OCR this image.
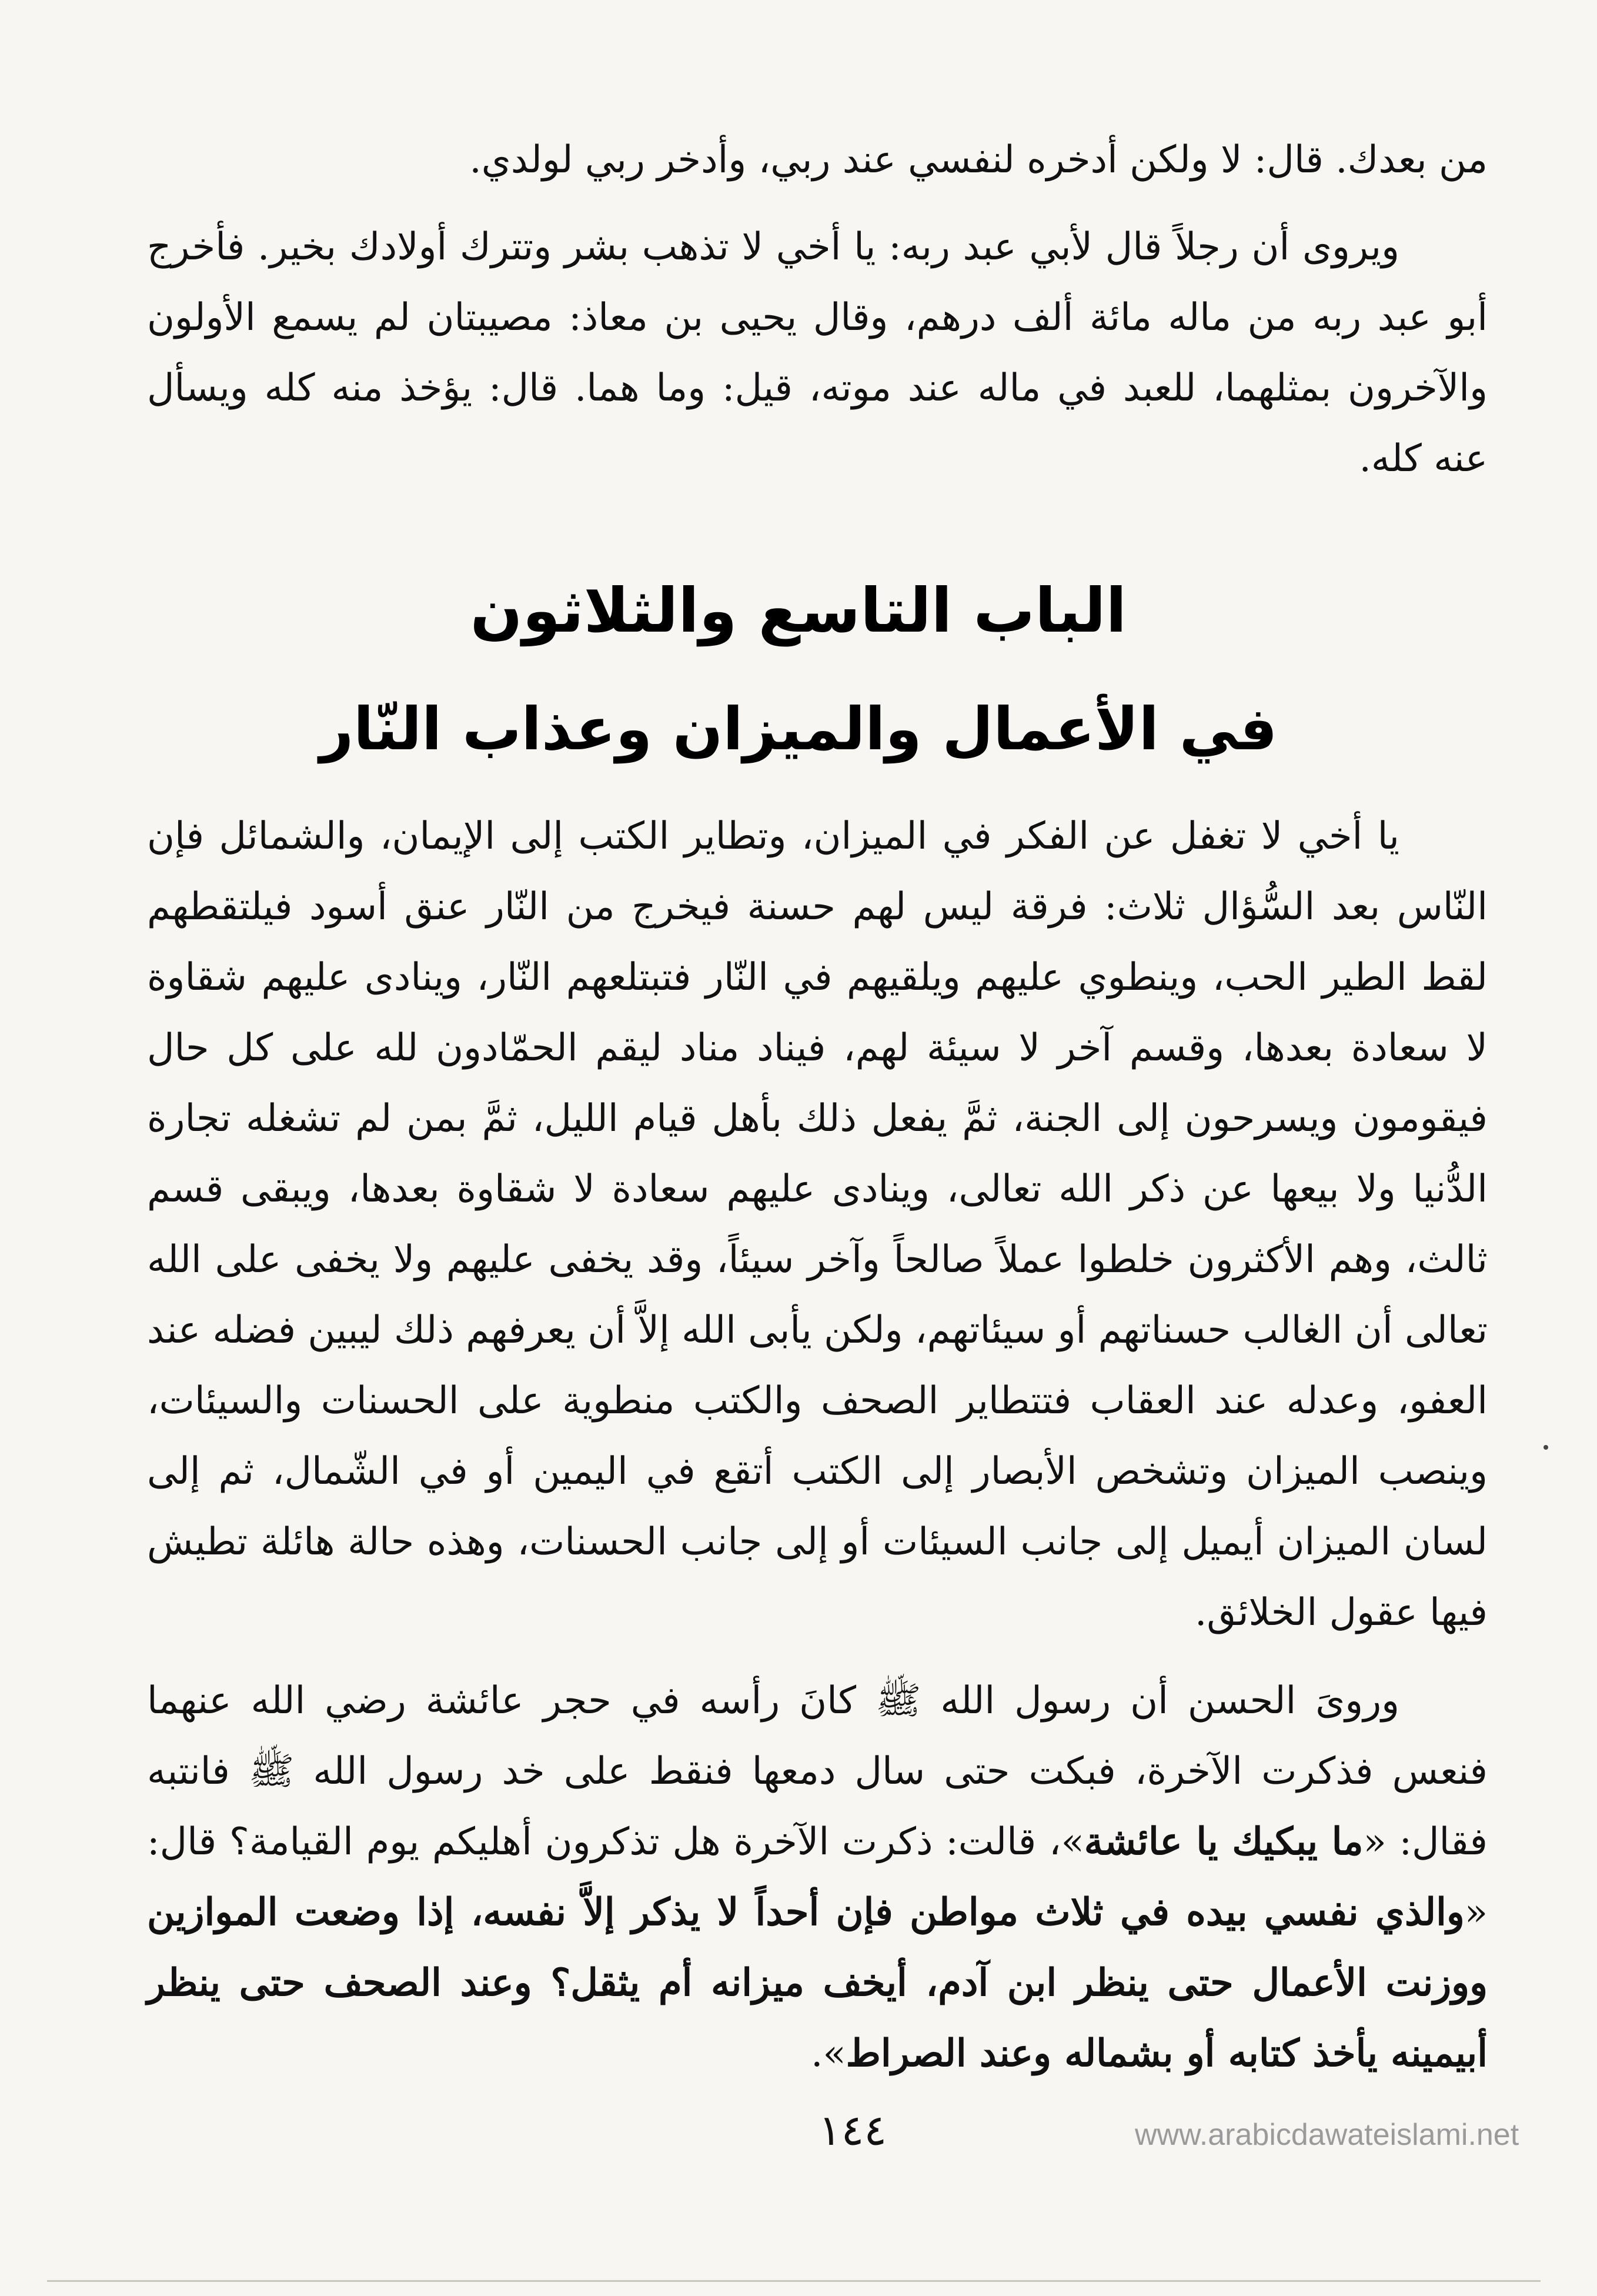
من بعدك. قال: لا ولكن أدخره لنفسي عند ربي، وأدخر ربي لولدي.

ويروى أن رجلاً قال لأبي عبد ربه: يا أخي لا تذهب بشر وتترك أولادك بخير. فأخرج أبو عبد ربه من ماله مائة ألف درهم، وقال يحيى بن معاذ: مصيبتان لم يسمع الأولون والآخرون بمثلهما، للعبد في ماله عند موته، قيل: وما هما. قال: يؤخذ منه كله ويسأل عنه كله.

الباب التاسع والثلاثون
في الأعمال والميزان وعذاب النّار

يا أخي لا تغفل عن الفكر في الميزان، وتطاير الكتب إلى الإيمان، والشمائل فإن النّاس بعد السُّؤال ثلاث: فرقة ليس لهم حسنة فيخرج من النّار عنق أسود فيلتقطهم لقط الطير الحب، وينطوي عليهم ويلقيهم في النّار فتبتلعهم النّار، وينادى عليهم شقاوة لا سعادة بعدها، وقسم آخر لا سيئة لهم، فيناد مناد ليقم الحمّادون لله على كل حال فيقومون ويسرحون إلى الجنة، ثمَّ يفعل ذلك بأهل قيام الليل، ثمَّ بمن لم تشغله تجارة الدُّنيا ولا بيعها عن ذكر الله تعالى، وينادى عليهم سعادة لا شقاوة بعدها، ويبقى قسم ثالث، وهم الأكثرون خلطوا عملاً صالحاً وآخر سيئاً، وقد يخفى عليهم ولا يخفى على الله تعالى أن الغالب حسناتهم أو سيئاتهم، ولكن يأبى الله إلاَّ أن يعرفهم ذلك ليبين فضله عند العفو، وعدله عند العقاب فتتطاير الصحف والكتب منطوية على الحسنات والسيئات، وينصب الميزان وتشخص الأبصار إلى الكتب أتقع في اليمين أو في الشّمال، ثم إلى لسان الميزان أيميل إلى جانب السيئات أو إلى جانب الحسنات، وهذه حالة هائلة تطيش فيها عقول الخلائق.

وروىَ الحسن أن رسول الله ﷺ كانَ رأسه في حجر عائشة رضي الله عنهما فنعس فذكرت الآخرة، فبكت حتى سال دمعها فنقط على خد رسول الله ﷺ فانتبه فقال: «ما يبكيك يا عائشة»، قالت: ذكرت الآخرة هل تذكرون أهليكم يوم القيامة؟ قال: «والذي نفسي بيده في ثلاث مواطن فإن أحداً لا يذكر إلاَّ نفسه، إذا وضعت الموازين ووزنت الأعمال حتى ينظر ابن آدم، أيخف ميزانه أم يثقل؟ وعند الصحف حتى ينظر أبيمينه يأخذ كتابه أو بشماله وعند الصراط».

١٤٤	www.arabicdawateislami.net
